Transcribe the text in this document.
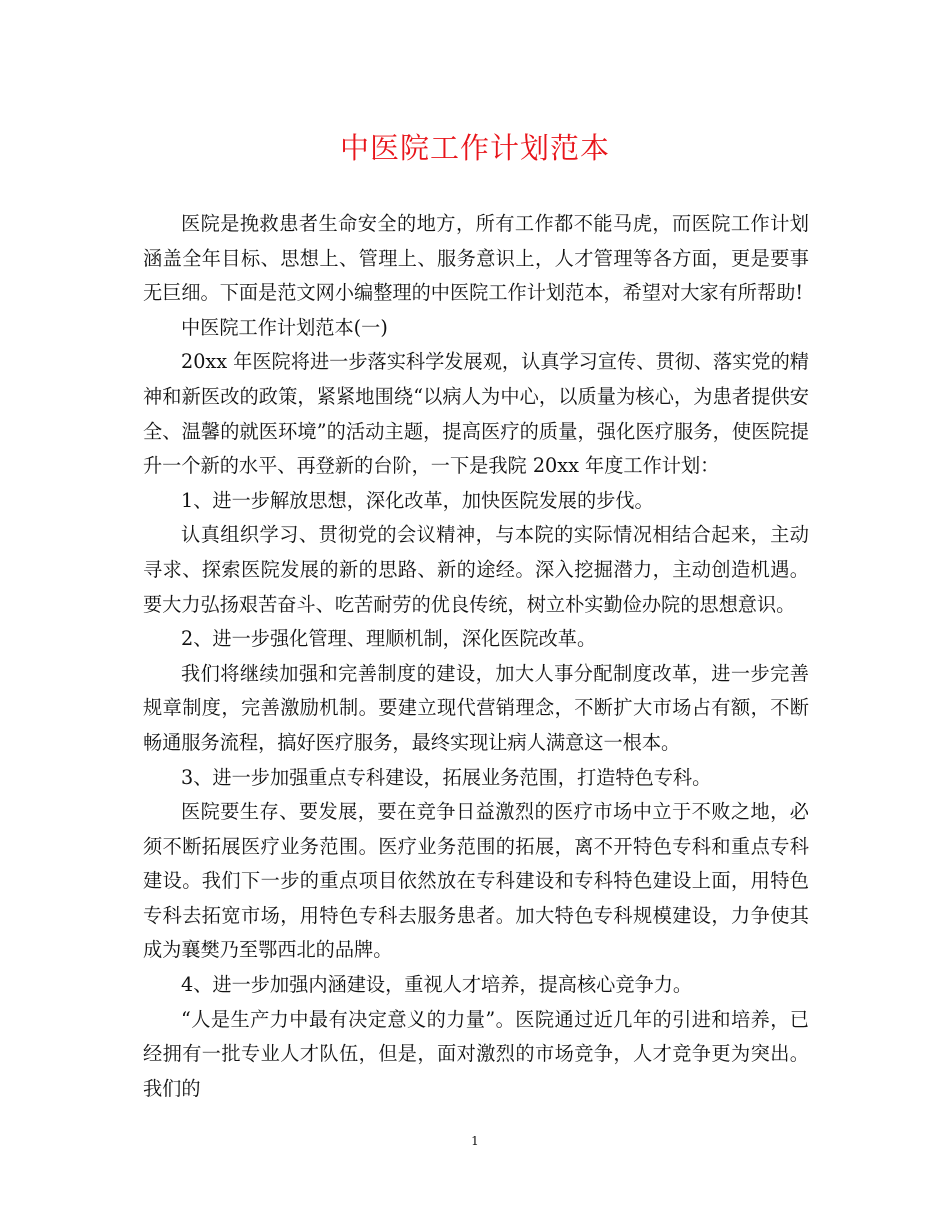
中医院工作计划范本

医院是挽救患者生命安全的地方，所有工作都不能马虎，而医院工作计划涵盖全年目标、思想上、管理上、服务意识上，人才管理等各方面，更是要事无巨细。下面是范文网小编整理的中医院工作计划范本，希望对大家有所帮助!

中医院工作计划范本(一)

20xx 年医院将进一步落实科学发展观，认真学习宣传、贯彻、落实党的精神和新医改的政策，紧紧地围绕“以病人为中心，以质量为核心，为患者提供安全、温馨的就医环境”的活动主题，提高医疗的质量，强化医疗服务，使医院提升一个新的水平、再登新的台阶，一下是我院 20xx 年度工作计划：

1、进一步解放思想，深化改革，加快医院发展的步伐。

认真组织学习、贯彻党的会议精神，与本院的实际情况相结合起来，主动寻求、探索医院发展的新的思路、新的途经。深入挖掘潜力，主动创造机遇。要大力弘扬艰苦奋斗、吃苦耐劳的优良传统，树立朴实勤俭办院的思想意识。

2、进一步强化管理、理顺机制，深化医院改革。

我们将继续加强和完善制度的建设，加大人事分配制度改革，进一步完善规章制度，完善激励机制。要建立现代营销理念，不断扩大市场占有额，不断畅通服务流程，搞好医疗服务，最终实现让病人满意这一根本。

3、进一步加强重点专科建设，拓展业务范围，打造特色专科。

医院要生存、要发展，要在竞争日益激烈的医疗市场中立于不败之地，必须不断拓展医疗业务范围。医疗业务范围的拓展，离不开特色专科和重点专科建设。我们下一步的重点项目依然放在专科建设和专科特色建设上面，用特色专科去拓宽市场，用特色专科去服务患者。加大特色专科规模建设，力争使其成为襄樊乃至鄂西北的品牌。

4、进一步加强内涵建设，重视人才培养，提高核心竞争力。

“人是生产力中最有决定意义的力量”。医院通过近几年的引进和培养，已经拥有一批专业人才队伍，但是，面对激烈的市场竞争，人才竞争更为突出。我们的

1
